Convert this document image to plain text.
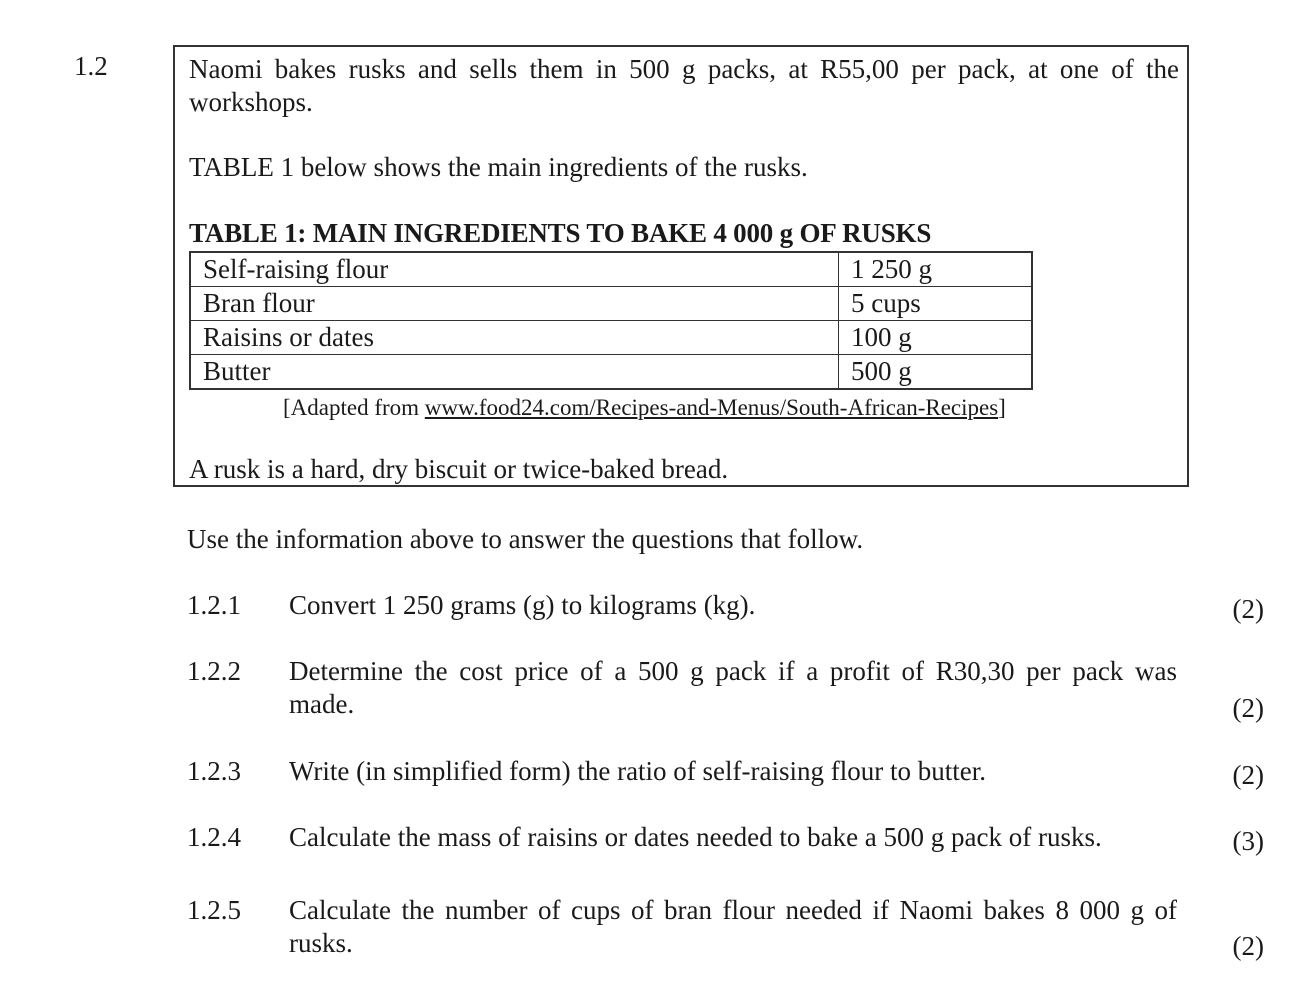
1.2	Naomi bakes rusks and sells them in 500 g packs, at R55,00 per pack, at one of the
workshops.
TABLE 1 below shows the main ingredients of the rusks.
TABLE 1: MAIN INGREDIENTS TO BAKE 4 000 g OF RUSKS
Self-raising flour	1 250 g
Bran flour	5 cups
Raisins or dates	100 g
Butter	500 g
[Adapted from www.food24.com/Recipes-and-Menus/South-African-Recipes]
A rusk is a hard, dry biscuit or twice-baked bread.
Use the information above to answer the questions that follow.
1.2.1 Convert 1 250 grams (g) to kilograms (kg).	(2)
1.2.2 Determine the cost price of a 500 g pack if a profit of R30,30 per pack was
made.	(2)
1.2.3 Write (in simplified form) the ratio of self-raising flour to butter.	(2)
1.2.4 Calculate the mass of raisins or dates needed to bake a 500 g pack of rusks.	(3)
1.2.5 Calculate the number of cups of bran flour needed if Naomi bakes 8 000 g of
rusks.	(2)
